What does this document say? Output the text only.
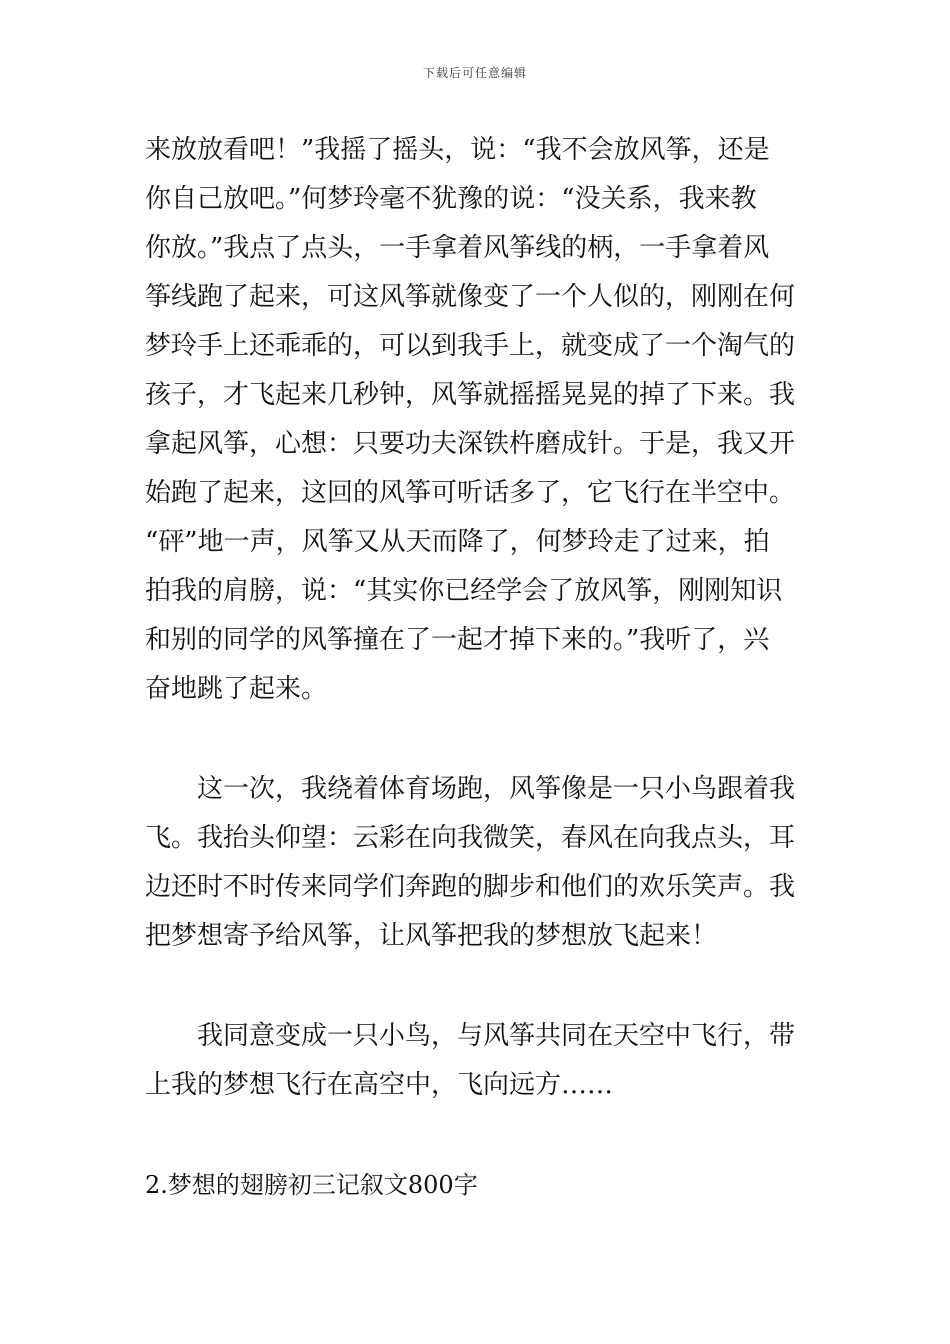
下载后可任意编辑

来放放看吧！”我摇了摇头，说：“我不会放风筝，还是
你自己放吧。”何梦玲毫不犹豫的说：“没关系，我来教
你放。”我点了点头，一手拿着风筝线的柄，一手拿着风
筝线跑了起来，可这风筝就像变了一个人似的，刚刚在何
梦玲手上还乖乖的，可以到我手上，就变成了一个淘气的
孩子，才飞起来几秒钟，风筝就摇摇晃晃的掉了下来。我
拿起风筝，心想：只要功夫深铁杵磨成针。于是，我又开
始跑了起来，这回的风筝可听话多了，它飞行在半空中。
“砰”地一声，风筝又从天而降了，何梦玲走了过来，拍
拍我的肩膀，说：“其实你已经学会了放风筝，刚刚知识
和别的同学的风筝撞在了一起才掉下来的。”我听了，兴
奋地跳了起来。

这一次，我绕着体育场跑，风筝像是一只小鸟跟着我
飞。我抬头仰望：云彩在向我微笑，春风在向我点头，耳
边还时不时传来同学们奔跑的脚步和他们的欢乐笑声。我
把梦想寄予给风筝，让风筝把我的梦想放飞起来！

我同意变成一只小鸟，与风筝共同在天空中飞行，带
上我的梦想飞行在高空中，飞向远方……

2.梦想的翅膀初三记叙文800字
